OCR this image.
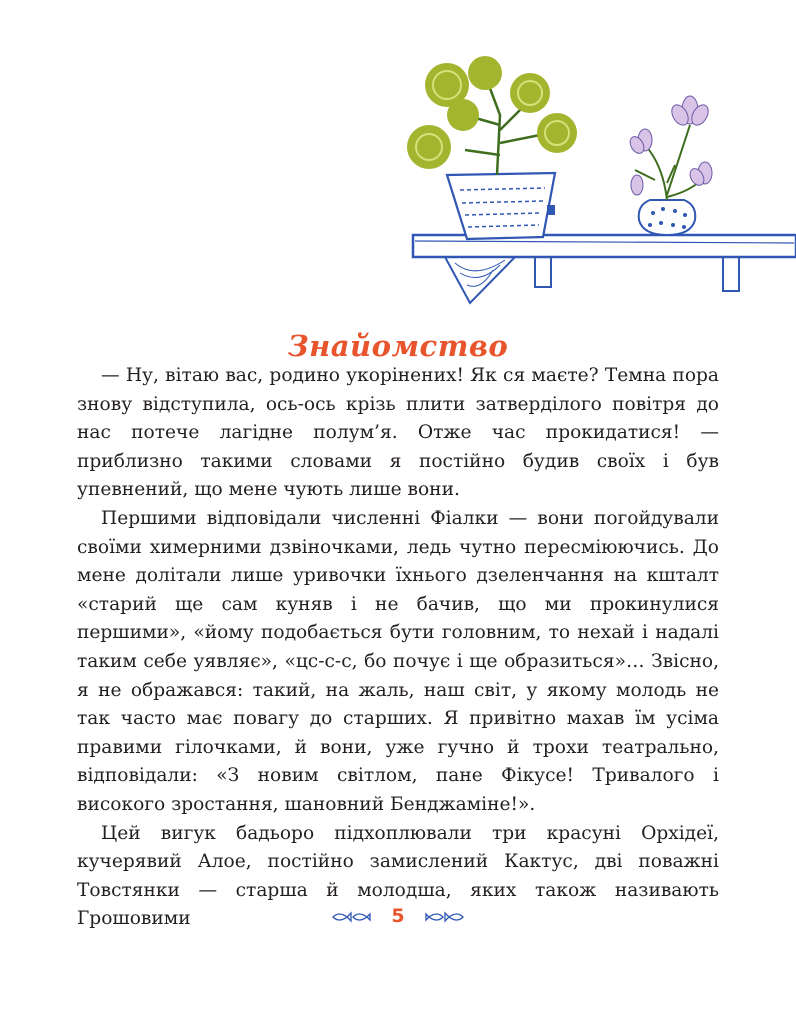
Знайомство

— Ну, вітаю вас, родино укорінених! Як ся маєте? Темна пора знову відступила, ось-ось крізь плити затверділого повітря до нас потече лагідне полум’я. Отже час прокидатися! — приблизно такими словами я постійно будив своїх і був упевнений, що мене чують лише вони.

Першими відповідали численні Фіалки — вони погойдували своїми химерними дзвіночками, ледь чутно пересміюючись. До мене долітали лише уривочки їхнього дзеленчання на кшталт «старий ще сам куняв і не бачив, що ми прокинулися першими», «йому подобається бути головним, то нехай і надалі таким себе уявляє», «цс-с-с, бо почує і ще образиться»… Звісно, я не ображався: такий, на жаль, наш світ, у якому молодь не так часто має повагу до старших. Я привітно махав їм усіма правими гілочками, й вони, уже гучно й трохи театрально, відповідали: «З новим світлом, пане Фікусе! Тривалого і високого зростання, шановний Бенджаміне!».

Цей вигук бадьоро підхоплювали три красуні Орхідеї, кучерявий Алое, постійно замислений Кактус, дві поважні Товстянки — старша й молодша, яких також називають Грошовими	5
